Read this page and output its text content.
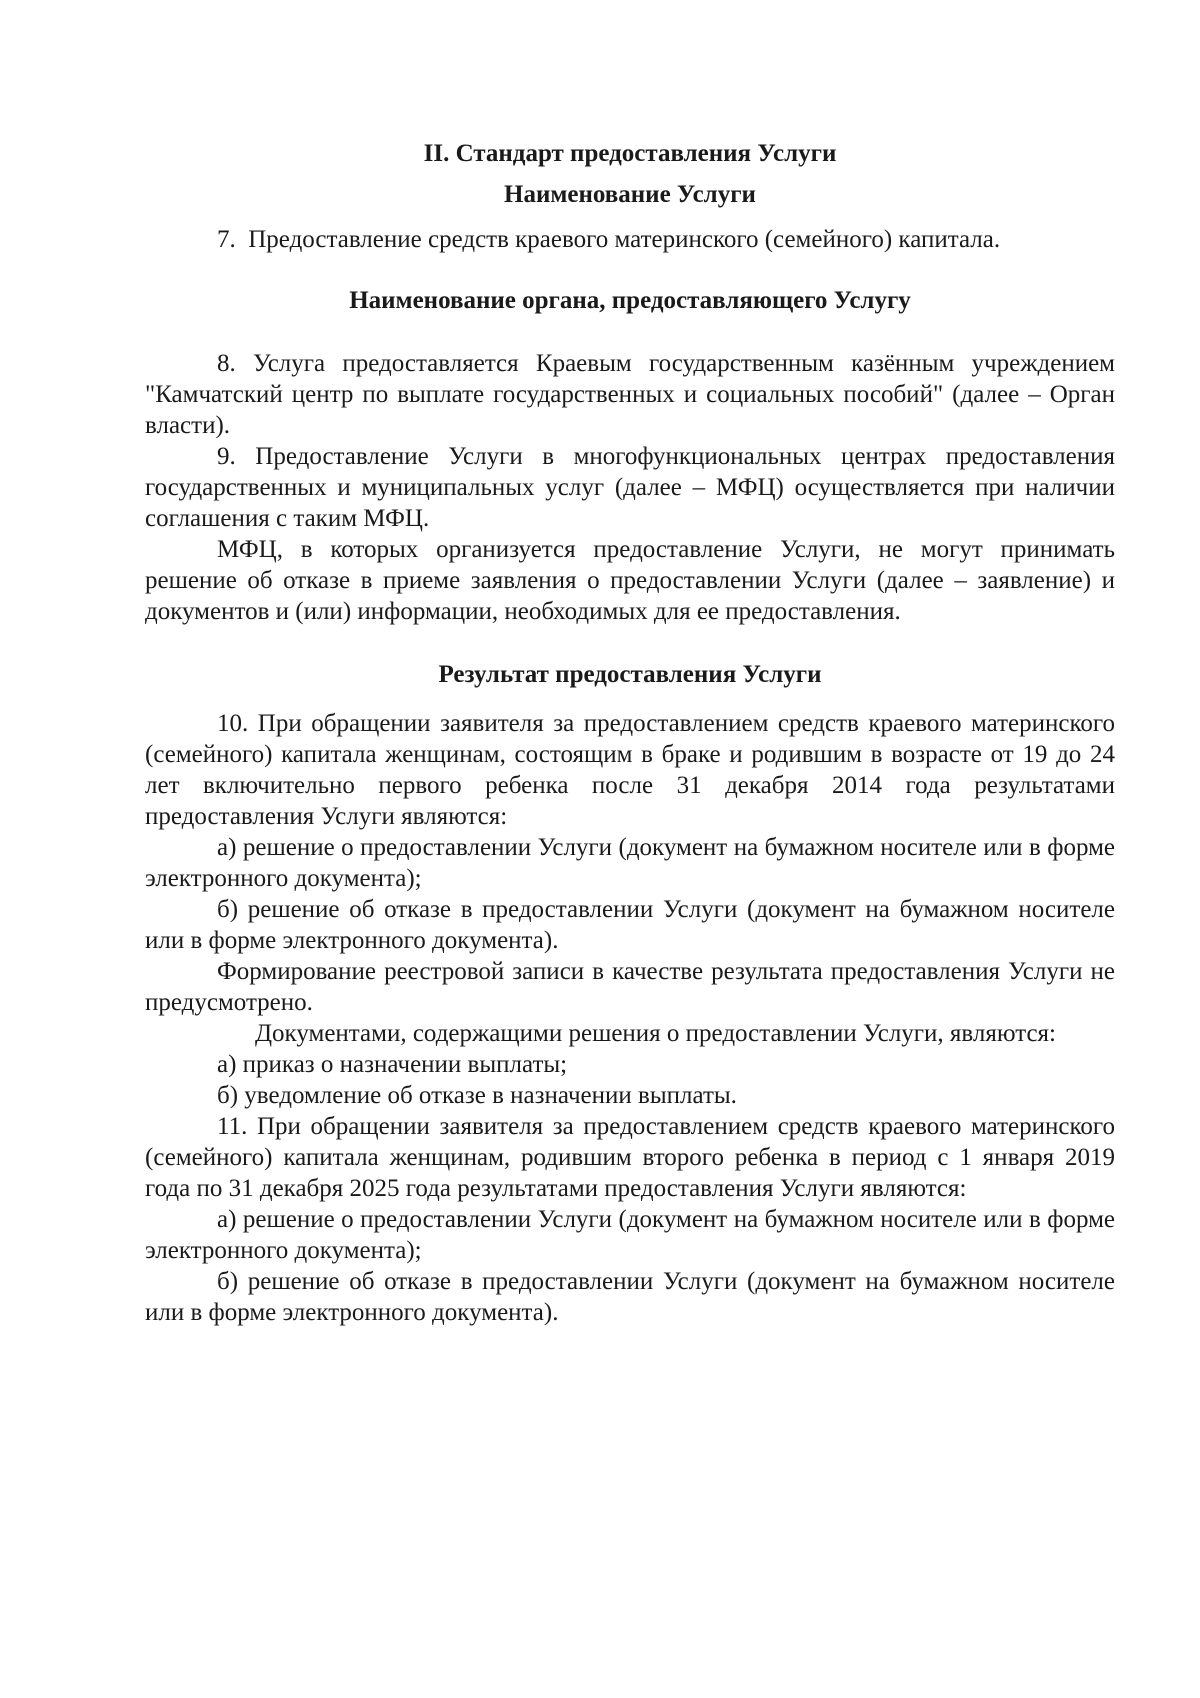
II. Стандарт предоставления Услуги

Наименование Услуги

7.  Предоставление средств краевого материнского (семейного) капитала.

Наименование органа, предоставляющего Услугу

8. Услуга предоставляется Краевым государственным казённым учреждением "Камчатский центр по выплате государственных и социальных пособий" (далее – Орган власти).

9. Предоставление Услуги в многофункциональных центрах предоставления государственных и муниципальных услуг (далее – МФЦ) осуществляется при наличии соглашения с таким МФЦ.

МФЦ, в которых организуется предоставление Услуги, не могут принимать решение об отказе в приеме заявления о предоставлении Услуги (далее – заявление) и документов и (или) информации, необходимых для ее предоставления.

Результат предоставления Услуги

10. При обращении заявителя за предоставлением средств краевого материнского (семейного) капитала женщинам, состоящим в браке и родившим в возрасте от 19 до 24 лет включительно первого ребенка после 31 декабря 2014 года результатами предоставления Услуги являются:

а) решение о предоставлении Услуги (документ на бумажном носителе или в форме электронного документа);

б) решение об отказе в предоставлении Услуги (документ на бумажном носителе или в форме электронного документа).

Формирование реестровой записи в качестве результата предоставления Услуги не предусмотрено.

Документами, содержащими решения о предоставлении Услуги, являются:

а) приказ о назначении выплаты;

б) уведомление об отказе в назначении выплаты.

11. При обращении заявителя за предоставлением средств краевого материнского (семейного) капитала женщинам, родившим второго ребенка в период с 1 января 2019 года по 31 декабря 2025 года результатами предоставления Услуги являются:

а) решение о предоставлении Услуги (документ на бумажном носителе или в форме электронного документа);

б) решение об отказе в предоставлении Услуги (документ на бумажном носителе или в форме электронного документа).
